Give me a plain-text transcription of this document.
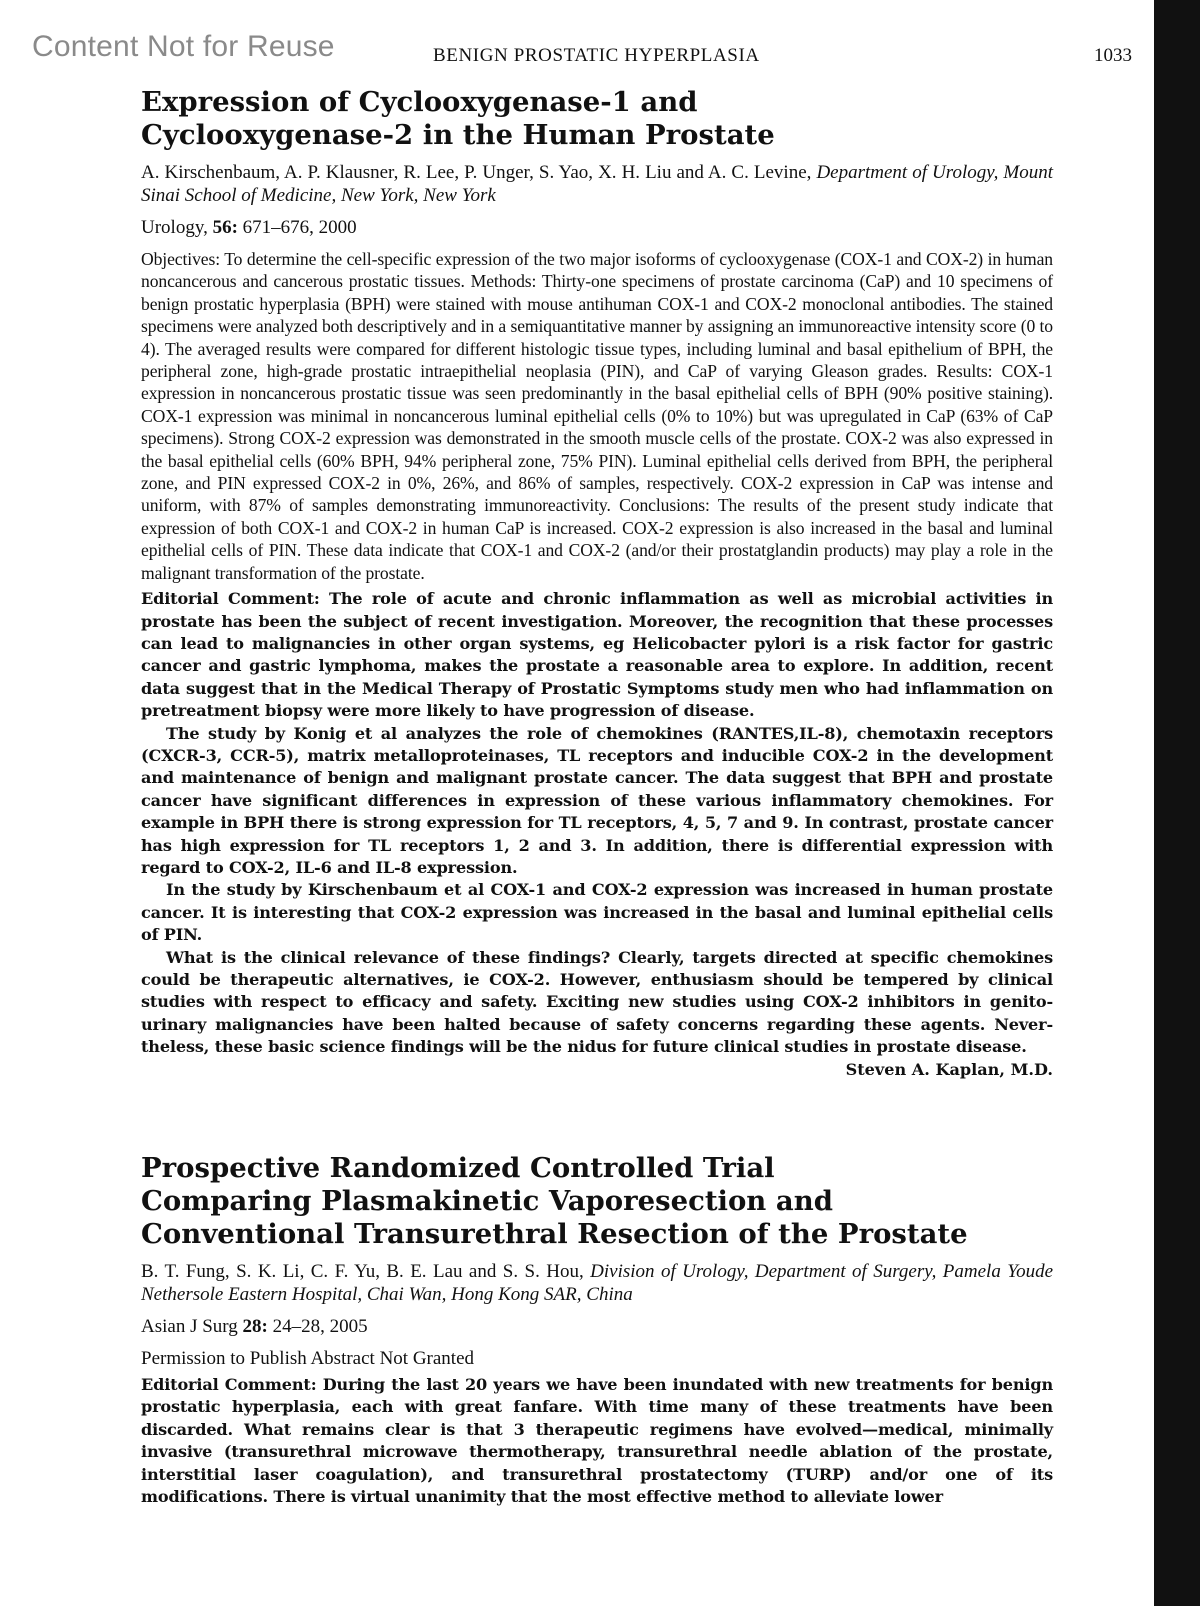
Content Not for Reuse	BENIGN PROSTATIC HYPERPLASIA	1033
Expression of Cyclooxygenase-1 and
Cyclooxygenase-2 in the Human Prostate
A. Kirschenbaum, A. P. Klausner, R. Lee, P. Unger, S. Yao, X. H. Liu and A. C. Levine, Department of Urology, Mount Sinai School of Medicine, New York, New York
Urology, 56: 671–676, 2000
Objectives: To determine the cell-specific expression of the two major isoforms of cyclooxygenase (COX-1 and COX-2) in human noncancerous and cancerous prostatic tissues. Methods: Thirty-one specimens of prostate carcinoma (CaP) and 10 specimens of benign prostatic hyperplasia (BPH) were stained with mouse antihuman COX-1 and COX-2 monoclonal antibodies. The stained specimens were analyzed both descriptively and in a semiquantitative manner by assigning an immunoreactive intensity score (0 to 4). The averaged results were compared for different histologic tissue types, including luminal and basal epithelium of BPH, the peripheral zone, high-grade prostatic intraepithelial neoplasia (PIN), and CaP of varying Gleason grades. Results: COX-1 expression in noncancerous prostatic tissue was seen predominantly in the basal epithelial cells of BPH (90% positive staining). COX-1 expression was minimal in noncancerous luminal epithelial cells (0% to 10%) but was upregulated in CaP (63% of CaP specimens). Strong COX-2 expression was demonstrated in the smooth muscle cells of the prostate. COX-2 was also expressed in the basal epithelial cells (60% BPH, 94% peripheral zone, 75% PIN). Luminal epithelial cells derived from BPH, the peripheral zone, and PIN expressed COX-2 in 0%, 26%, and 86% of samples, respectively. COX-2 expression in CaP was intense and uniform, with 87% of samples demonstrating immunoreactivity. Conclusions: The results of the present study indicate that expression of both COX-1 and COX-2 in human CaP is increased. COX-2 expression is also increased in the basal and luminal epithelial cells of PIN. These data indicate that COX-1 and COX-2 (and/or their prostatglandin products) may play a role in the malignant transformation of the prostate.

Editorial Comment: The role of acute and chronic inflammation as well as microbial activities in prostate has been the subject of recent investigation. Moreover, the recognition that these processes can lead to malignancies in other organ systems, eg Helicobacter pylori is a risk factor for gastric cancer and gastric lymphoma, makes the prostate a reasonable area to explore. In addition, recent data suggest that in the Medical Therapy of Prostatic Symptoms study men who had inflammation on pretreatment biopsy were more likely to have progression of disease.

The study by Konig et al analyzes the role of chemokines (RANTES,IL-8), chemotaxin receptors (CXCR-3, CCR-5), matrix metalloproteinases, TL receptors and inducible COX-2 in the development and maintenance of benign and malignant prostate cancer. The data suggest that BPH and prostate cancer have significant differences in expression of these various inflammatory chemokines. For example in BPH there is strong expression for TL receptors, 4, 5, 7 and 9. In contrast, prostate cancer has high expression for TL receptors 1, 2 and 3. In addition, there is differential expression with regard to COX-2, IL-6 and IL-8 expression.

In the study by Kirschenbaum et al COX-1 and COX-2 expression was increased in human prostate cancer. It is interesting that COX-2 expression was increased in the basal and luminal epithelial cells of PIN.

What is the clinical relevance of these findings? Clearly, targets directed at specific chemokines could be therapeutic alternatives, ie COX-2. However, enthusiasm should be tempered by clinical studies with respect to efficacy and safety. Exciting new studies using COX-2 inhibitors in genito-urinary malignancies have been halted because of safety concerns regarding these agents. Never-theless, these basic science findings will be the nidus for future clinical studies in prostate disease.

Steven A. Kaplan, M.D.
Prospective Randomized Controlled Trial
Comparing Plasmakinetic Vaporesection and
Conventional Transurethral Resection of the Prostate
B. T. Fung, S. K. Li, C. F. Yu, B. E. Lau and S. S. Hou, Division of Urology, Department of Surgery, Pamela Youde Nethersole Eastern Hospital, Chai Wan, Hong Kong SAR, China
Asian J Surg 28: 24–28, 2005
Permission to Publish Abstract Not Granted
Editorial Comment: During the last 20 years we have been inundated with new treatments for benign prostatic hyperplasia, each with great fanfare. With time many of these treatments have been discarded. What remains clear is that 3 therapeutic regimens have evolved—medical, minimally invasive (transurethral microwave thermotherapy, transurethral needle ablation of the prostate, interstitial laser coagulation), and transurethral prostatectomy (TURP) and/or one of its modifications. There is virtual unanimity that the most effective method to alleviate lower
